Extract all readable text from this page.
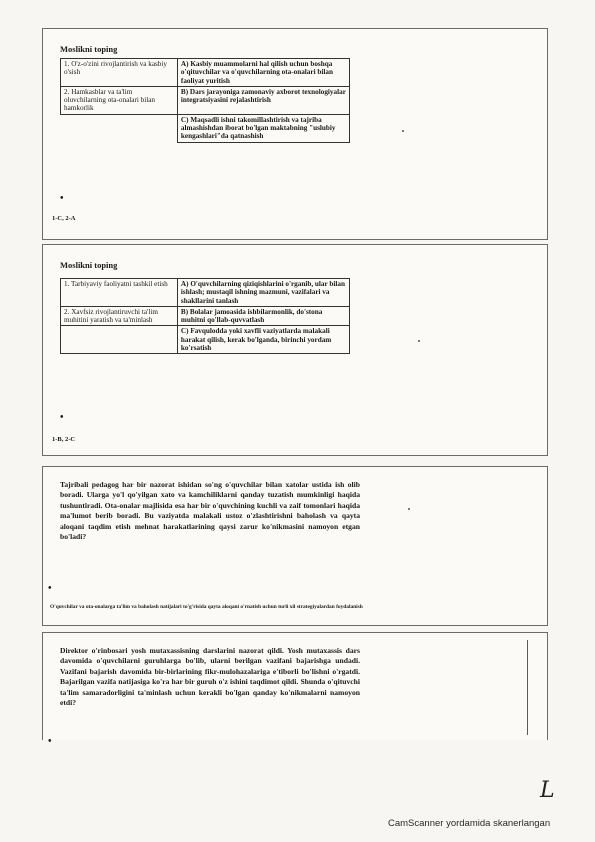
Moslikni toping
1. O'z-o'zini rivojlantirish va kasbiy o'sish	A) Kasbiy muammolarni hal qilish uchun boshqa o'qituvchilar va o'quvchilarning ota-onalari bilan faoliyat yuritish
2. Hamkasblar va ta'lim oluvchilarning ota-onalari bilan hamkorlik	B) Dars jarayoniga zamonaviy axborot texnologiyalar integratsiyasini rejalashtirish
	C) Maqsadli ishni takomillashtirish va tajriba almashishdan iborat bo'lgan maktabning "uslubiy kengashlari"da qatnashish
•
1-C, 2-A
Moslikni toping
1. Tarbiyaviy faoliyatni tashkil etish	A) O'quvchilarning qiziqishlarini o'rganib, ular bilan ishlash; mustaqil ishning mazmuni, vazifalari va shakllarini tanlash
2. Xavfsiz rivojlantiruvchi ta'lim muhitini yaratish va ta'minlash	B) Bolalar jamoasida ishbilarmonlik, do'stona muhitni qo'llab-quvvatlash
	C) Favqulodda yoki xavfli vaziyatlarda malakali harakat qilish, kerak bo'lganda, birinchi yordam ko'rsatish
•
1-B, 2-C
Tajribali pedagog har bir nazorat ishidan so'ng o'quvchilar bilan xatolar ustida ish olib boradi. Ularga yo'l qo'yilgan xato va kamchiliklarni qanday tuzatish mumkinligi haqida tushuntiradi. Ota-onalar majlisida esa har bir o'quvchining kuchli va zaif tomonlari haqida ma'lumot berib boradi. Bu vaziyatda malakali ustoz o'zlashtirishni baholash va qayta aloqani taqdim etish mehnat harakatlarining qaysi zarur ko'nikmasini namoyon etgan bo'ladi?
•
O'quvchilar va ota-onalarga ta'lim va baholash natijalari to'g'risida qayta aloqani o'rnatish uchun turli xil strategiyalardan foydalanish
Direktor o'rinbosari yosh mutaxassisning darslarini nazorat qildi. Yosh mutaxassis dars davomida o'quvchilarni guruhlarga bo'lib, ularni berilgan vazifani bajarishga undadi. Vazifani bajarish davomida bir-birlarining fikr-mulohazalariga e'tiborli bo'lishni o'rgatdi. Bajarilgan vazifa natijasiga ko'ra har bir guruh o'z ishini taqdimot qildi. Shunda o'qituvchi ta'lim samaradorligini ta'minlash uchun kerakli bo'lgan qanday ko'nikmalarni namoyon etdi?
•
L
CamScanner yordamida skanerlangan
